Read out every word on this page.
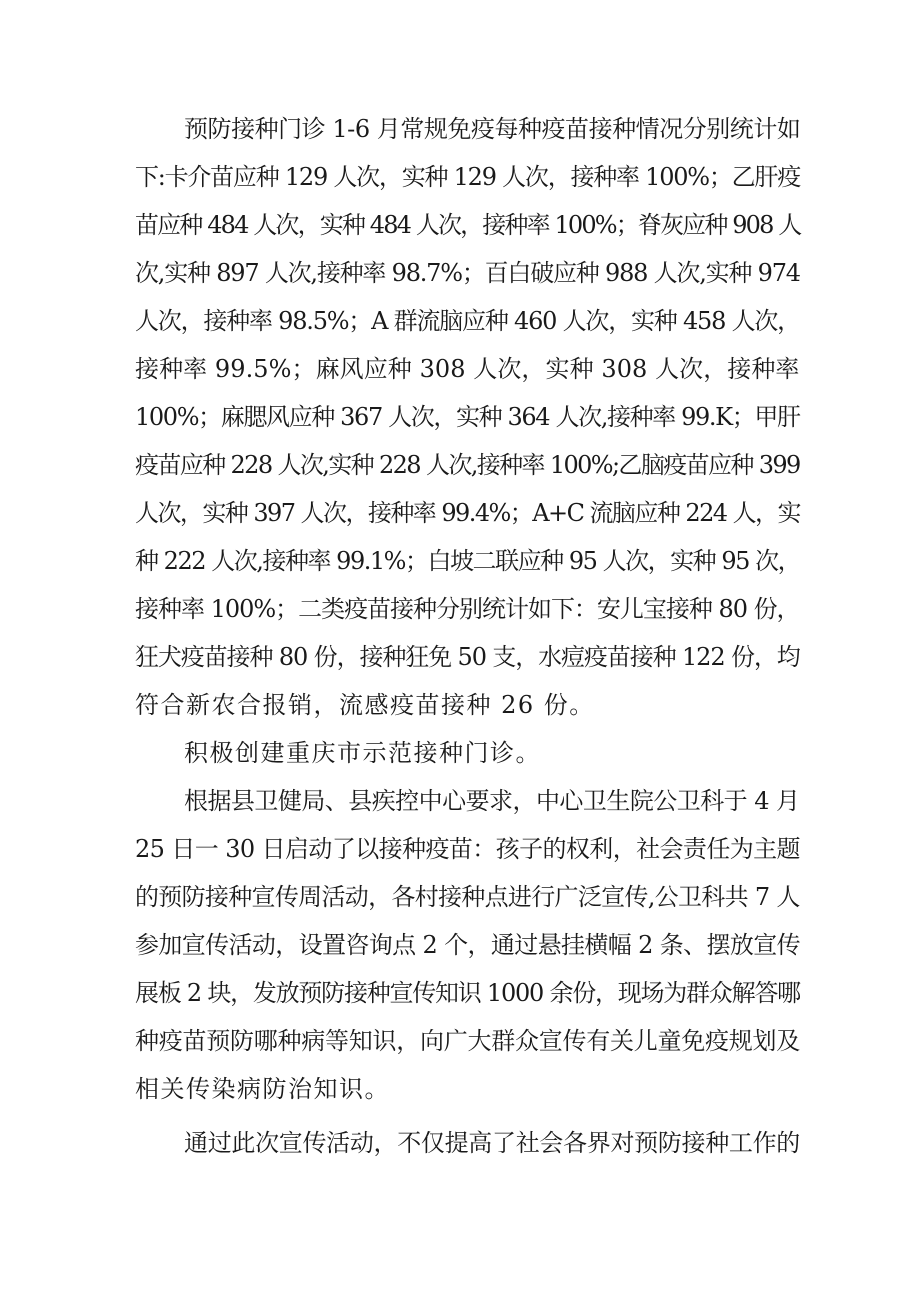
预防接种门诊 1-6 月常规免疫每种疫苗接种情况分别统计如
下:卡介苗应种 129 人次，实种 129 人次，接种率 100%；乙肝疫
苗应种 484 人次，实种 484 人次，接种率 100%；脊灰应种 908 人
次,实种 897 人次,接种率 98.7%；百白破应种 988 人次,实种 974
人次，接种率 98.5%；A 群流脑应种 460 人次，实种 458 人次，
接种率 99.5%；麻风应种 308 人次，实种 308 人次，接种率
100%；麻腮风应种 367 人次，实种 364 人次,接种率 99.K；甲肝
疫苗应种 228 人次,实种 228 人次,接种率 100%;乙脑疫苗应种 399
人次，实种 397 人次，接种率 99.4%；A+C 流脑应种 224 人，实
种 222 人次,接种率 99.1%；白坡二联应种 95 人次，实种 95 次，
接种率 100%；二类疫苗接种分别统计如下：安儿宝接种 80 份，
狂犬疫苗接种 80 份，接种狂免 50 支，水痘疫苗接种 122 份，均
符合新农合报销，流感疫苗接种 26 份。
积极创建重庆市示范接种门诊。
根据县卫健局、县疾控中心要求，中心卫生院公卫科于 4 月
25 日一 30 日启动了以接种疫苗：孩子的权利，社会责任为主题
的预防接种宣传周活动，各村接种点进行广泛宣传,公卫科共 7 人
参加宣传活动，设置咨询点 2 个，通过悬挂横幅 2 条、摆放宣传
展板 2 块，发放预防接种宣传知识 1000 余份，现场为群众解答哪
种疫苗预防哪种病等知识，向广大群众宣传有关儿童免疫规划及
相关传染病防治知识。
通过此次宣传活动，不仅提高了社会各界对预防接种工作的
